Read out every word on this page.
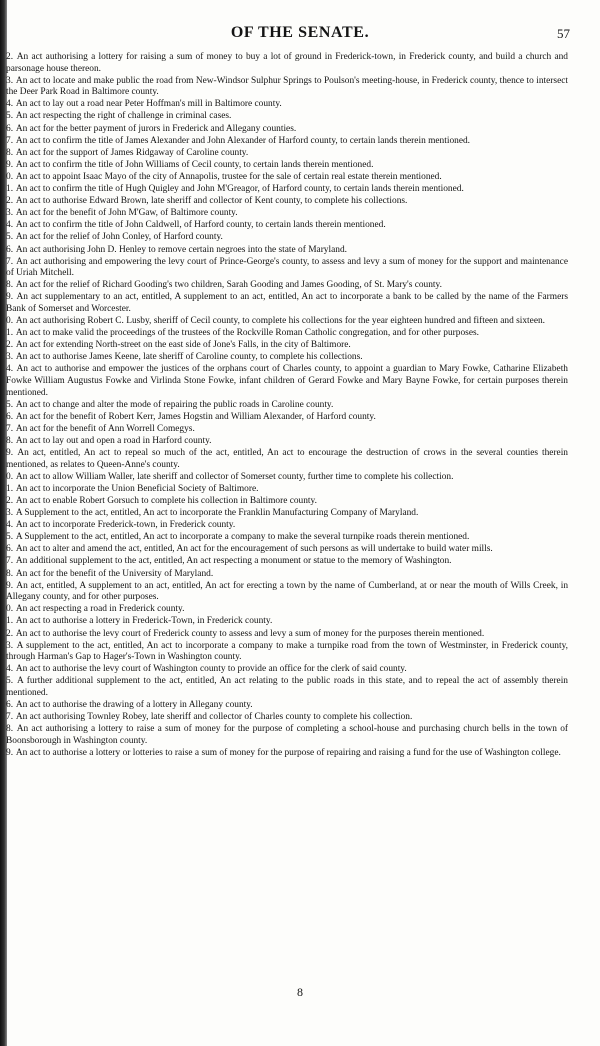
OF THE SENATE.	57
2. An act authorising a lottery for raising a sum of money to buy a lot of ground in Frederick-town, in Frederick county, and build a church and parsonage house thereon.
3. An act to locate and make public the road from New-Windsor Sulphur Springs to Poulson's meeting-house, in Frederick county, thence to intersect the Deer Park Road in Baltimore county.
4. An act to lay out a road near Peter Hoffman's mill in Baltimore county.
5. An act respecting the right of challenge in criminal cases.
6. An act for the better payment of jurors in Frederick and Allegany counties.
7. An act to confirm the title of James Alexander and John Alexander of Harford county, to certain lands therein mentioned.
8. An act for the support of James Ridgaway of Caroline county.
9. An act to confirm the title of John Williams of Cecil county, to certain lands therein mentioned.
0. An act to appoint Isaac Mayo of the city of Annapolis, trustee for the sale of certain real estate therein mentioned.
1. An act to confirm the title of Hugh Quigley and John M'Greagor, of Harford county, to certain lands therein mentioned.
2. An act to authorise Edward Brown, late sheriff and collector of Kent county, to complete his collections.
3. An act for the benefit of John M'Gaw, of Baltimore county.
4. An act to confirm the title of John Caldwell, of Harford county, to certain lands therein mentioned.
5. An act for the relief of John Conley, of Harford county.
6. An act authorising John D. Henley to remove certain negroes into the state of Maryland.
7. An act authorising and empowering the levy court of Prince-George's county, to assess and levy a sum of money for the support and maintenance of Uriah Mitchell.
8. An act for the relief of Richard Gooding's two children, Sarah Gooding and James Gooding, of St. Mary's county.
9. An act supplementary to an act, entitled, A supplement to an act, entitled, An act to incorporate a bank to be called by the name of the Farmers Bank of Somerset and Worcester.
0. An act authorising Robert C. Lusby, sheriff of Cecil county, to complete his collections for the year eighteen hundred and fifteen and sixteen.
1. An act to make valid the proceedings of the trustees of the Rockville Roman Catholic congregation, and for other purposes.
2. An act for extending North-street on the east side of Jone's Falls, in the city of Baltimore.
3. An act to authorise James Keene, late sheriff of Caroline county, to complete his collections.
4. An act to authorise and empower the justices of the orphans court of Charles county, to appoint a guardian to Mary Fowke, Catharine Elizabeth Fowke William Augustus Fowke and Virlinda Stone Fowke, infant children of Gerard Fowke and Mary Bayne Fowke, for certain purposes therein mentioned.
5. An act to change and alter the mode of repairing the public roads in Caroline county.
6. An act for the benefit of Robert Kerr, James Hogstin and William Alexander, of Harford county.
7. An act for the benefit of Ann Worrell Comegys.
8. An act to lay out and open a road in Harford county.
9. An act, entitled, An act to repeal so much of the act, entitled, An act to encourage the destruction of crows in the several counties therein mentioned, as relates to Queen-Anne's county.
0. An act to allow William Waller, late sheriff and collector of Somerset county, further time to complete his collection.
1. An act to incorporate the Union Beneficial Society of Baltimore.
2. An act to enable Robert Gorsuch to complete his collection in Baltimore county.
3. A Supplement to the act, entitled, An act to incorporate the Franklin Manufacturing Company of Maryland.
4. An act to incorporate Frederick-town, in Frederick county.
5. A Supplement to the act, entitled, An act to incorporate a company to make the several turnpike roads therein mentioned.
6. An act to alter and amend the act, entitled, An act for the encouragement of such persons as will undertake to build water mills.
7. An additional supplement to the act, entitled, An act respecting a monument or statue to the memory of Washington.
8. An act for the benefit of the University of Maryland.
9. An act, entitled, A supplement to an act, entitled, An act for erecting a town by the name of Cumberland, at or near the mouth of Wills Creek, in Allegany county, and for other purposes.
0. An act respecting a road in Frederick county.
1. An act to authorise a lottery in Frederick-Town, in Frederick county.
2. An act to authorise the levy court of Frederick county to assess and levy a sum of money for the purposes therein mentioned.
3. A supplement to the act, entitled, An act to incorporate a company to make a turnpike road from the town of Westminster, in Frederick county, through Harman's Gap to Hager's-Town in Washington county.
4. An act to authorise the levy court of Washington county to provide an office for the clerk of said county.
5. A further additional supplement to the act, entitled, An act relating to the public roads in this state, and to repeal the act of assembly therein mentioned.
6. An act to authorise the drawing of a lottery in Allegany county.
7. An act authorising Townley Robey, late sheriff and collector of Charles county to complete his collection.
8. An act authorising a lottery to raise a sum of money for the purpose of completing a school-house and purchasing church bells in the town of Boonsborough in Washington county.
9. An act to authorise a lottery or lotteries to raise a sum of money for the purpose of repairing and raising a fund for the use of Washington college.
8
